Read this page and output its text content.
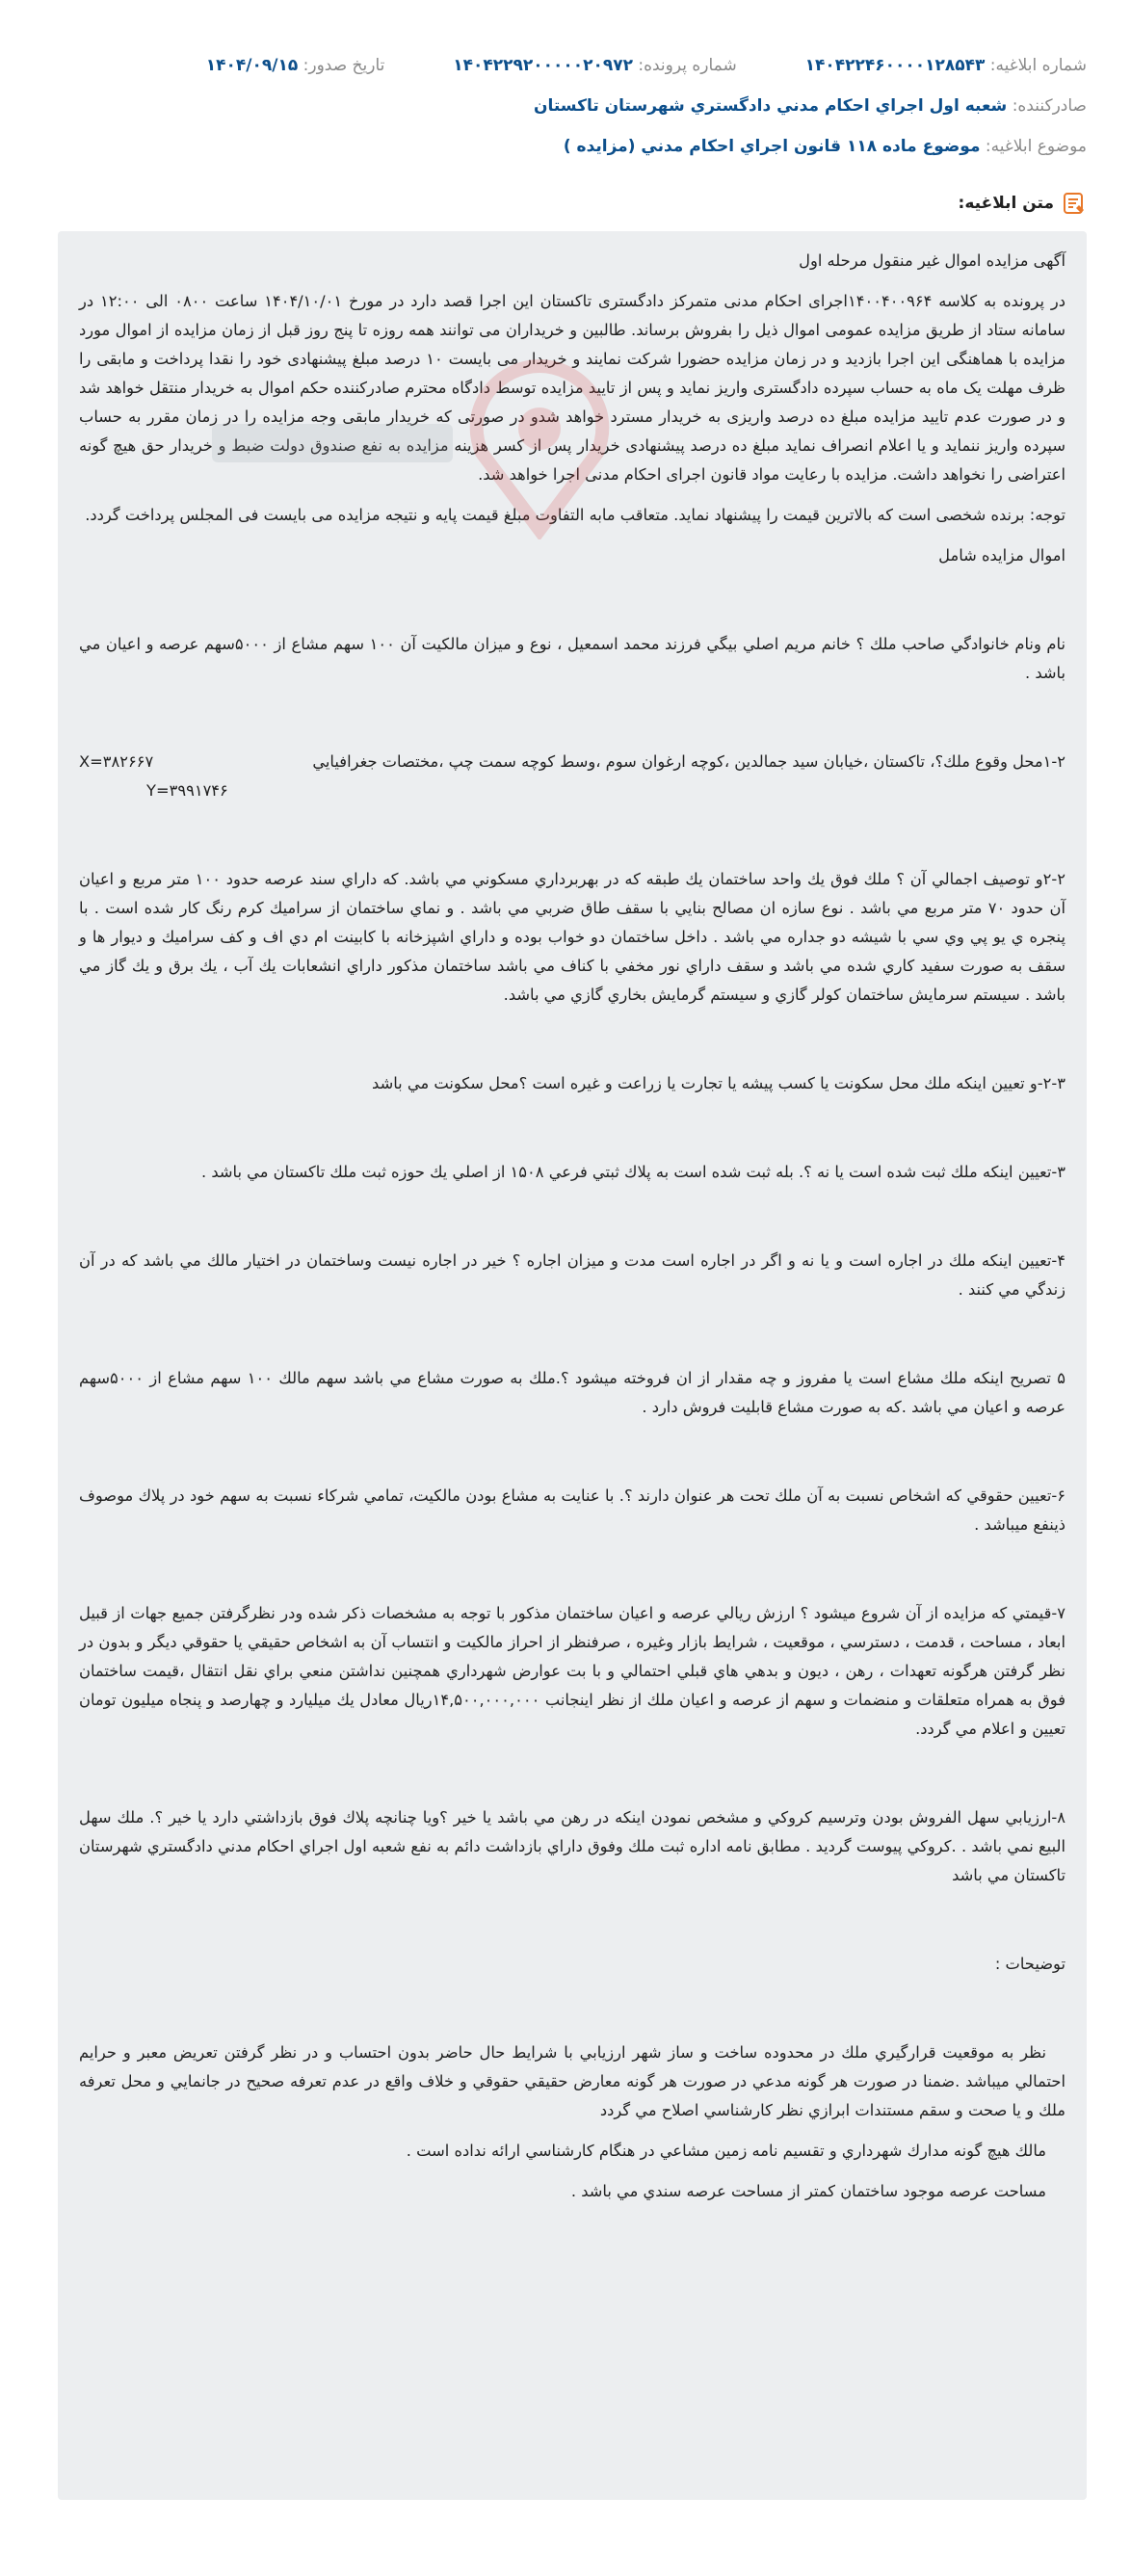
شماره ابلاغيه: ۱۴۰۴۲۲۴۶۰۰۰۰۱۲۸۵۴۳  شماره پرونده: ۱۴۰۴۲۲۹۲۰۰۰۰۰۲۰۹۷۲  تاريخ صدور: ۱۴۰۴/۰۹/۱۵
صادرکننده: شعبه اول اجراي احكام مدني دادگستري شهرستان تاكستان
موضوع ابلاغيه: موضوع ماده ۱۱۸ قانون اجراي احكام مدني (مزايده )
متن ابلاغيه:

آگهی مزایده اموال غیر منقول مرحله اول

در پرونده به کلاسه ۱۴۰۰۴۰۰۹۶۴اجرای احکام مدنی متمرکز دادگستری تاکستان این اجرا قصد دارد در مورخ ۱۴۰۴/۱۰/۰۱ ساعت ۰۸۰۰ الی ۱۲:۰۰ در سامانه ستاد از طریق مزایده عمومی اموال ذیل را بفروش برساند. طالبین و خریداران می توانند همه روزه تا پنج روز قبل از زمان مزایده از اموال مورد مزایده با هماهنگی این اجرا بازدید و در زمان مزایده حضورا شرکت نمایند و خریدار می بایست ۱۰ درصد مبلغ پیشنهادی خود را نقدا پرداخت و مابقی را ظرف مهلت یک ماه به حساب سپرده دادگستری واریز نماید و پس از تایید مزایده توسط دادگاه محترم صادرکننده حکم اموال به خریدار منتقل خواهد شد و در صورت عدم تایید مزایده مبلغ ده درصد واریزی به خریدار مسترد خواهد شدو در صورتی که خریدار مابقی وجه مزایده را در زمان مقرر به حساب سپرده واریز ننماید و یا اعلام انصراف نماید مبلغ ده درصد پیشنهادی خریدار پس از کسر هزینه مزایده به نفع صندوق دولت ضبط و خریدار حق هیچ گونه اعتراضی را نخواهد داشت. مزایده با رعایت مواد قانون اجرای احکام مدنی اجرا خواهد شد.

توجه: برنده شخصی است که بالاترین قیمت را پیشنهاد نماید. متعاقب مابه التفاوت مبلغ قیمت پایه و نتیجه مزایده می بایست فی المجلس پرداخت گردد.

اموال مزایده شامل

نام ونام خانوادگي صاحب ملك ؟ خانم مريم اصلي بيگي فرزند محمد اسمعيل ، نوع و ميزان مالكيت آن ۱۰۰ سهم مشاع از ۵۰۰۰سهم عرصه و اعيان مي باشد .

۱-۲محل وقوع ملك؟، تاكستان ،خيابان سيد جمالدين ،كوچه ارغوان سوم ،وسط كوچه سمت چپ ،مختصات جغرافيايي
X=۳۸۲۶۶۷

Y=۳۹۹۱۷۴۶

۲-۲و توصيف اجمالي آن ؟ ملك فوق يك واحد ساختمان يك طبقه كه در بهربرداري مسكوني مي باشد. كه داراي سند عرصه حدود ۱۰۰ متر مربع و اعيان آن حدود ۷۰ متر مربع مي باشد . نوع سازه ان مصالح بنايي با سقف طاق ضربي مي باشد . و نماي ساختمان از سراميك كرم رنگ كار شده است . با پنجره ي يو پي وي سي با شيشه دو جداره مي باشد . داخل ساختمان دو خواب بوده و داراي اشپزخانه با كابينت ام دي اف و كف سراميك و ديوار ها و سقف به صورت سفيد كاري شده مي باشد و سقف داراي نور مخفي با كناف مي باشد ساختمان مذكور داراي انشعابات يك آب ، يك برق و يك گاز مي باشد . سيستم سرمايش ساختمان كولر گازي و سيستم گرمايش بخاري گازي مي باشد.

۲-۳-و تعيين اينكه ملك محل سكونت يا كسب پيشه يا تجارت يا زراعت و غيره است ؟محل سكونت مي باشد

۳-تعيين اينكه ملك ثبت شده است يا نه ؟. بله ثبت شده است به پلاك ثبتي فرعي ۱۵۰۸ از اصلي يك حوزه ثبت ملك تاكستان مي باشد .

۴-تعيين اينكه ملك در اجاره است و يا نه و اگر در اجاره است مدت و ميزان اجاره ؟ خير در اجاره نيست وساختمان در اختيار مالك مي باشد كه در آن زندگي مي كنند .

۵ تصريح اينكه ملك مشاع است يا مفروز و چه مقدار از ان فروخته ميشود ؟.ملك به صورت مشاع مي باشد سهم مالك ۱۰۰ سهم مشاع از ۵۰۰۰سهم عرصه و اعيان مي باشد .كه به صورت مشاع قابليت فروش دارد .

۶-تعيين حقوقي كه اشخاص نسبت به آن ملك تحت هر عنوان دارند ؟. با عنايت به مشاع بودن مالكيت، تمامي شركاء نسبت به سهم خود در پلاك موصوف ذينفع ميباشد .

۷-قيمتي كه مزايده از آن شروع ميشود ؟ ارزش ريالي عرصه و اعيان ساختمان مذكور با توجه به مشخصات ذكر شده ودر نظرگرفتن جميع جهات از قبيل ابعاد ، مساحت ، قدمت ، دسترسي ، موقعيت ، شرايط بازار وغيره ، صرفنظر از احراز مالكيت و انتساب آن به اشخاص حقيقي يا حقوقي ديگر و بدون در نظر گرفتن هرگونه تعهدات ، رهن ، ديون و بدهي هاي قبلي احتمالي و با بت عوارض شهرداري همچنين نداشتن منعي براي نقل انتقال ،قيمت ساختمان فوق به همراه متعلقات و منضمات و سهم از عرصه و اعيان ملك از نظر اينجانب ۱۴,۵۰۰,۰۰۰,۰۰۰ريال معادل يك ميليارد و چهارصد و پنجاه ميليون تومان تعيين و اعلام مي گردد.

۸-ارزيابي سهل الفروش بودن وترسيم كروكي و مشخص نمودن اينكه در رهن مي باشد يا خير ؟ويا چنانچه پلاك فوق بازداشتي دارد يا خير ؟. ملك سهل البيع نمي باشد . .كروكي پيوست گرديد . مطابق نامه اداره ثبت ملك وفوق داراي بازداشت دائم به نفع شعبه اول اجراي احكام مدني دادگستري شهرستان تاكستان مي باشد

توضيحات :

نظر به موقعيت قرارگيري ملك در محدوده ساخت و ساز شهر ارزيابي با شرايط حال حاضر بدون احتساب و در نظر گرفتن تعريض معبر و حرايم احتمالي ميباشد .ضمنا در صورت هر گونه مدعي در صورت هر گونه معارض حقيقي حقوقي و خلاف واقع در عدم تعرفه صحيح در جانمايي و محل تعرفه ملك و يا صحت و سقم مستندات ابرازي نظر كارشناسي اصلاح مي گردد

مالك هيچ گونه مدارك شهرداري و تقسيم نامه زمين مشاعي در هنگام كارشناسي ارائه نداده است .

مساحت عرصه موجود ساختمان كمتر از مساحت عرصه سندي مي باشد .
